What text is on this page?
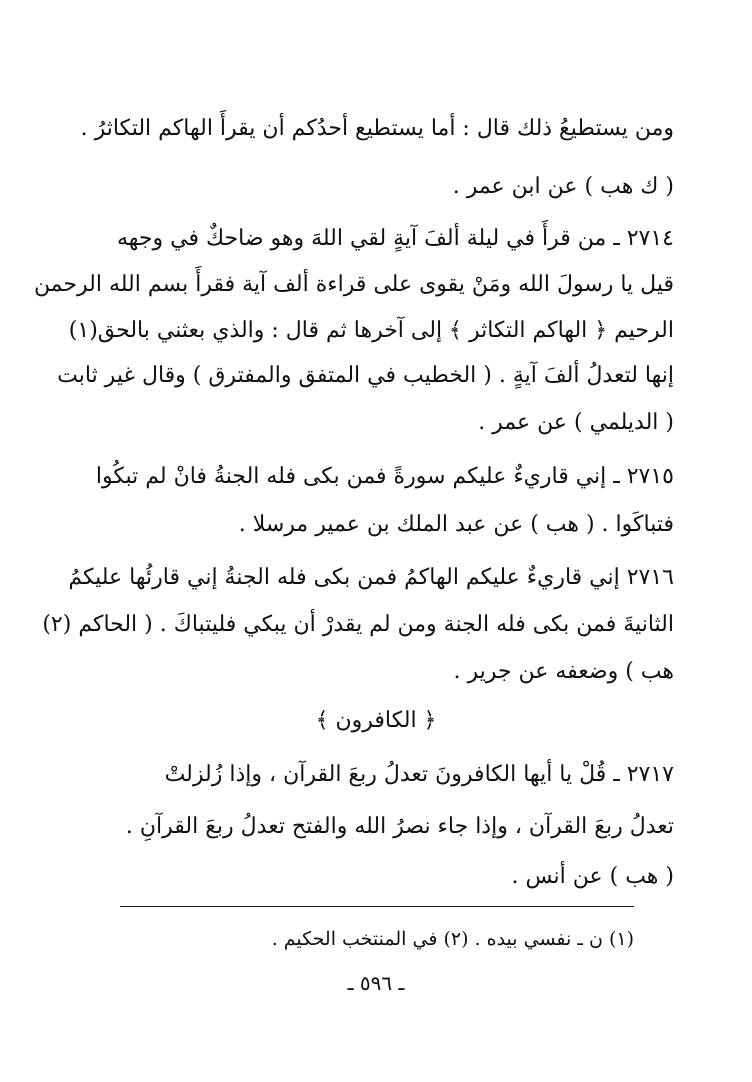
ومن يستطيعُ ذلك قال : أما يستطيع أحدُكم أن يقرأَ الهاكم التكاثرُ .
( ك هب ) عن ابن عمر .
٢٧١٤ ـ من قرأَ في ليلة ألفَ آيةٍ لقي اللهَ وهو ضاحكٌ في وجهه
قيل يا رسولَ الله ومَنْ يقوى على قراءة ألف آية فقرأَ بسم الله الرحمن
الرحيم ﴿ الهاكم التكاثر ﴾ إلى آخرها ثم قال : والذي بعثني بالحق(١)
إنها لتعدلُ ألفَ آيةٍ . ( الخطيب في المتفق والمفترق ) وقال غير ثابت
( الديلمي ) عن عمر .
٢٧١٥ ـ إني قاريءٌ عليكم سورةً فمن بكى فله الجنةُ فانْ لم تبكُوا
فتباكَوا . ( هب ) عن عبد الملك بن عمير مرسلا .
٢٧١٦ إني قاريءٌ عليكم الهاكمُ فمن بكى فله الجنةُ إني قارئُها عليكمُ
الثانيةَ فمن بكى فله الجنة ومن لم يقدرْ أن يبكي فليتباكَ . ( الحاكم (٢)
هب ) وضعفه عن جرير .
﴿ الكافرون ﴾
٢٧١٧ ـ قُلْ يا أيها الكافرونَ تعدلُ ربعَ القرآن ، وإذا زُلزلتْ
تعدلُ ربعَ القرآن ، وإذا جاء نصرُ الله والفتح تعدلُ ربعَ القرآنِ .
( هب ) عن أنس .
(١) ن ـ نفسي بيده . (٢) في المنتخب الحكيم .
ـ ٥٩٦ ـ
